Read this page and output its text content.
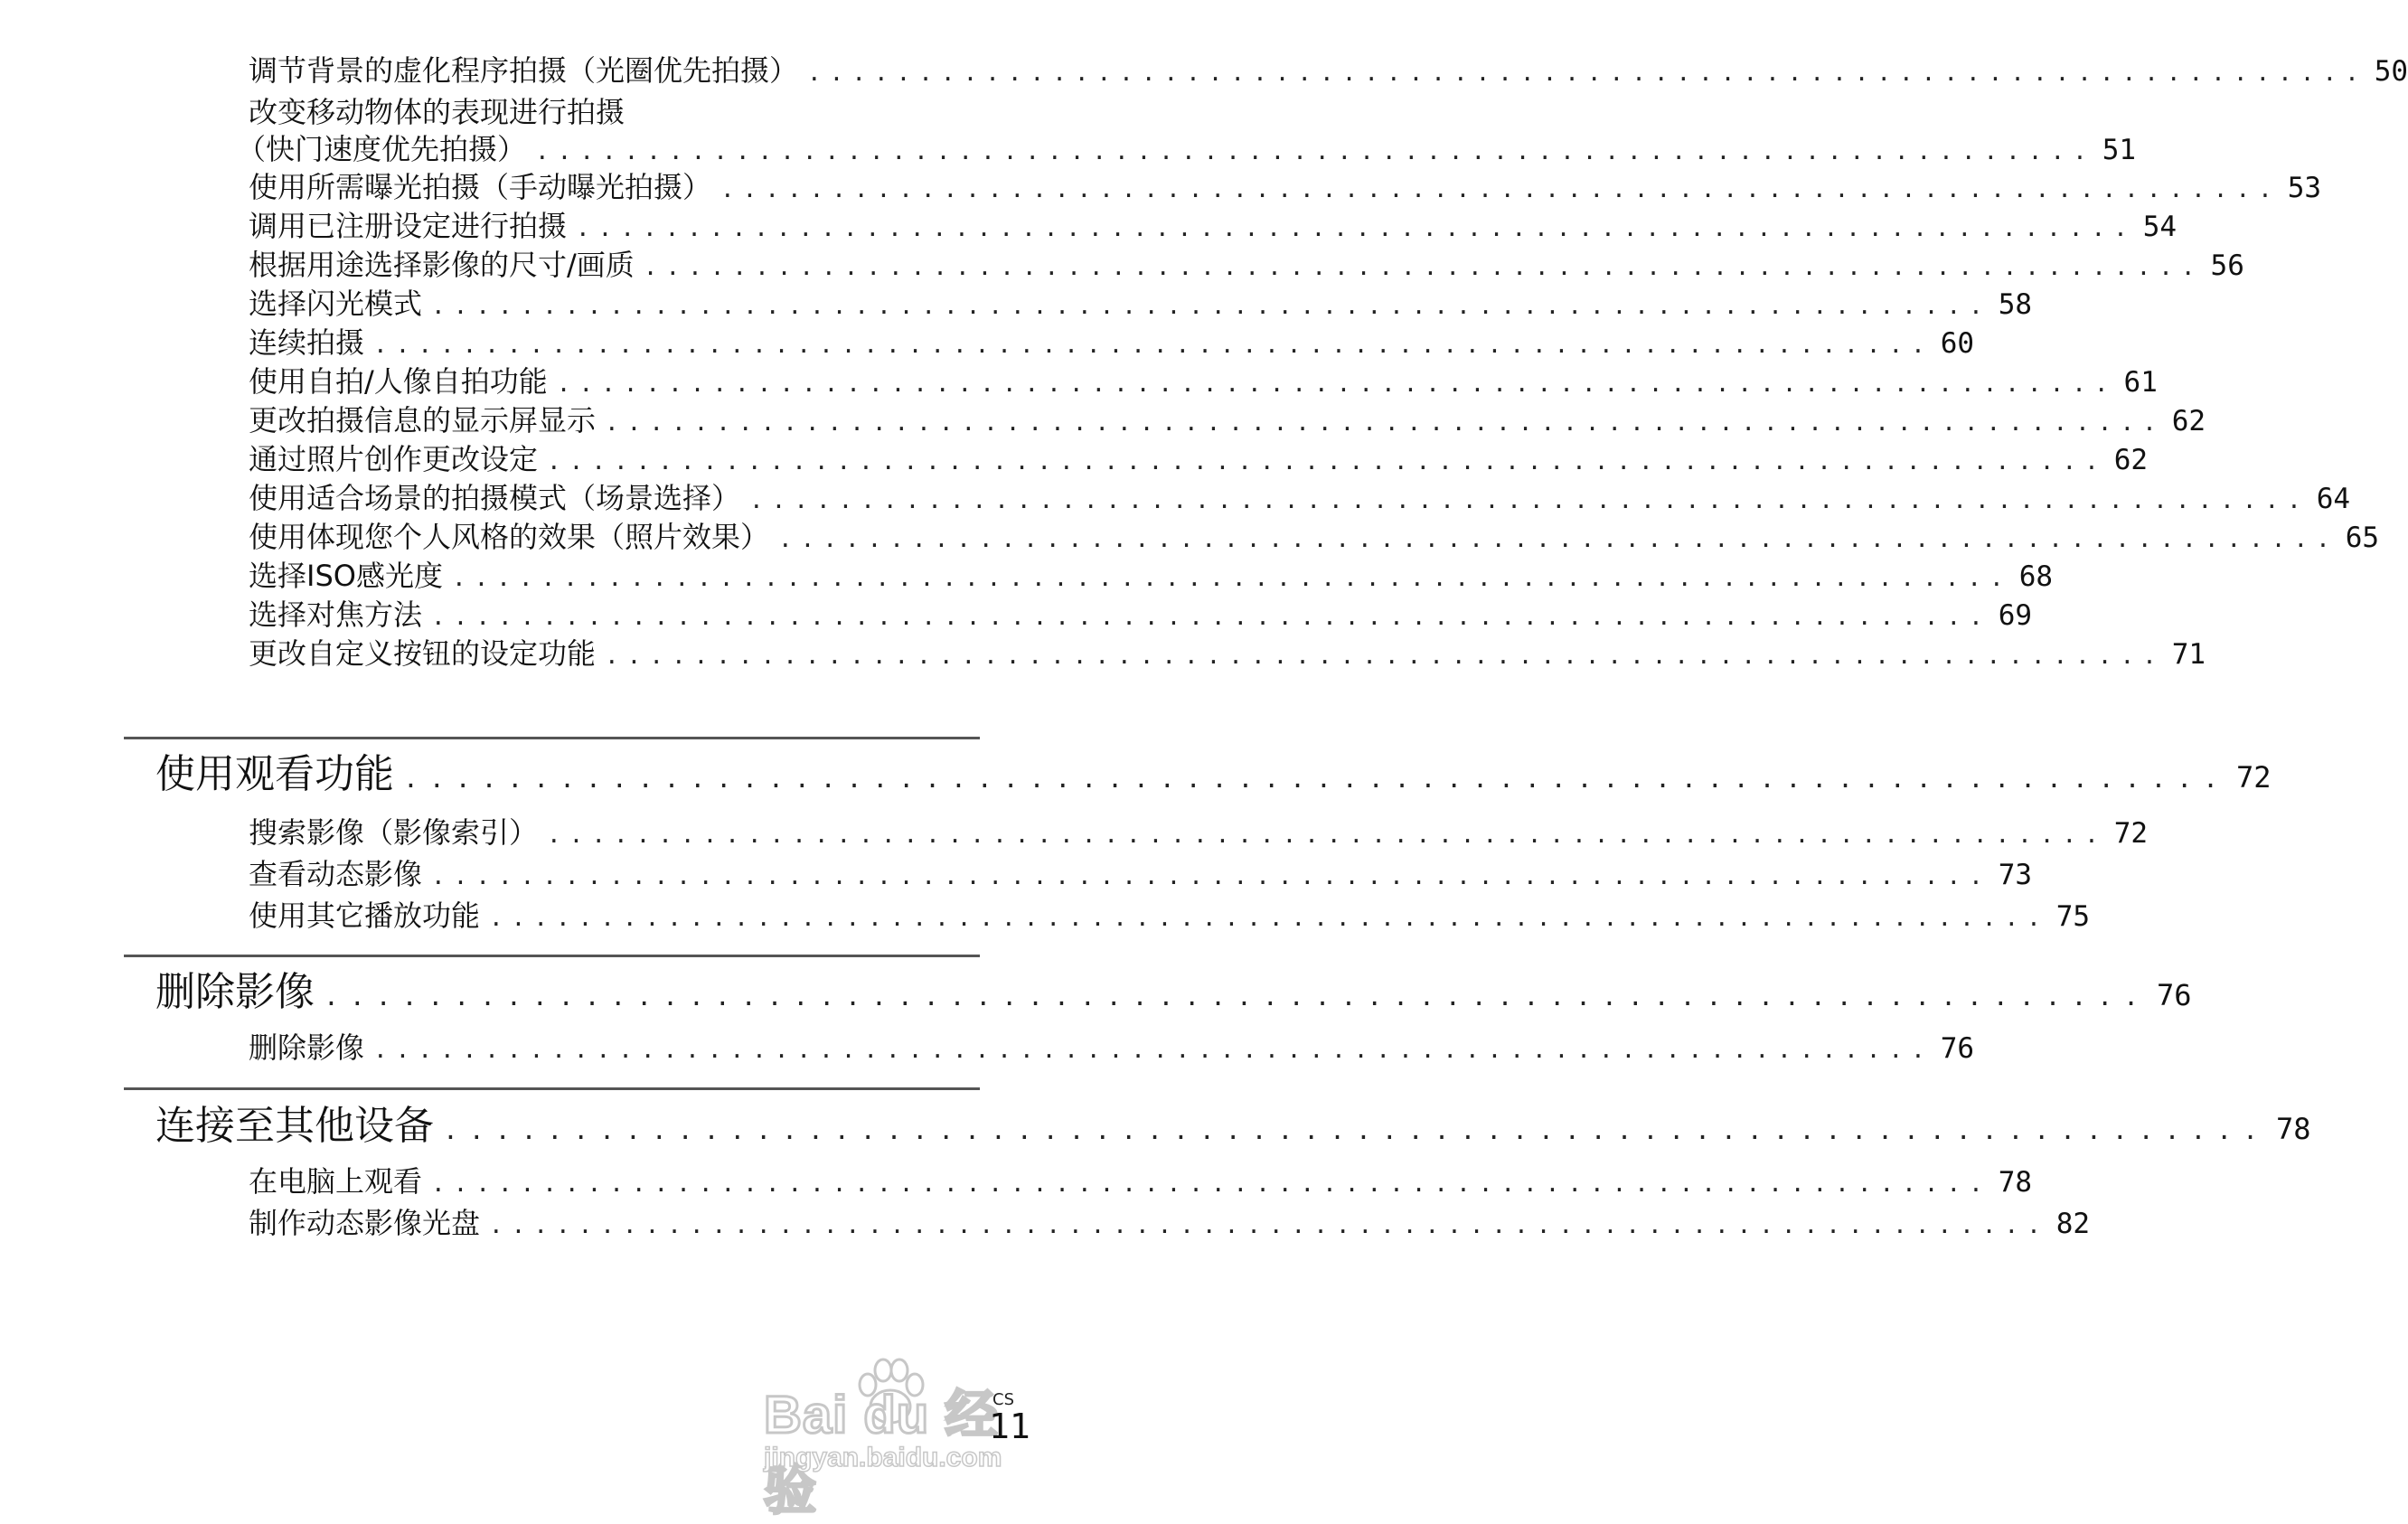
调节背景的虚化程序拍摄（光圈优先拍摄） ...................................................................... 50
改变移动物体的表现进行拍摄
（快门速度优先拍摄） ...................................................................... 51
使用所需曝光拍摄（手动曝光拍摄） ...................................................................... 53
调用已注册设定进行拍摄 ...................................................................... 54
根据用途选择影像的尺寸/画质 ...................................................................... 56
选择闪光模式 ...................................................................... 58
连续拍摄 ...................................................................... 60
使用自拍/人像自拍功能 ...................................................................... 61
更改拍摄信息的显示屏显示 ...................................................................... 62
通过照片创作更改设定 ...................................................................... 62
使用适合场景的拍摄模式（场景选择） ...................................................................... 64
使用体现您个人风格的效果（照片效果） ...................................................................... 65
选择ISO感光度 ...................................................................... 68
选择对焦方法 ...................................................................... 69
更改自定义按钮的设定功能 ...................................................................... 71
使用观看功能 ...................................................................... 72
搜索影像（影像索引） ...................................................................... 72
查看动态影像 ...................................................................... 73
使用其它播放功能 ...................................................................... 75
删除影像 ...................................................................... 76
删除影像 ...................................................................... 76
连接至其他设备 ...................................................................... 78
在电脑上观看 ...................................................................... 78
制作动态影像光盘 ...................................................................... 82
Bai du 经验
jingyan.baidu.com
CS
11
